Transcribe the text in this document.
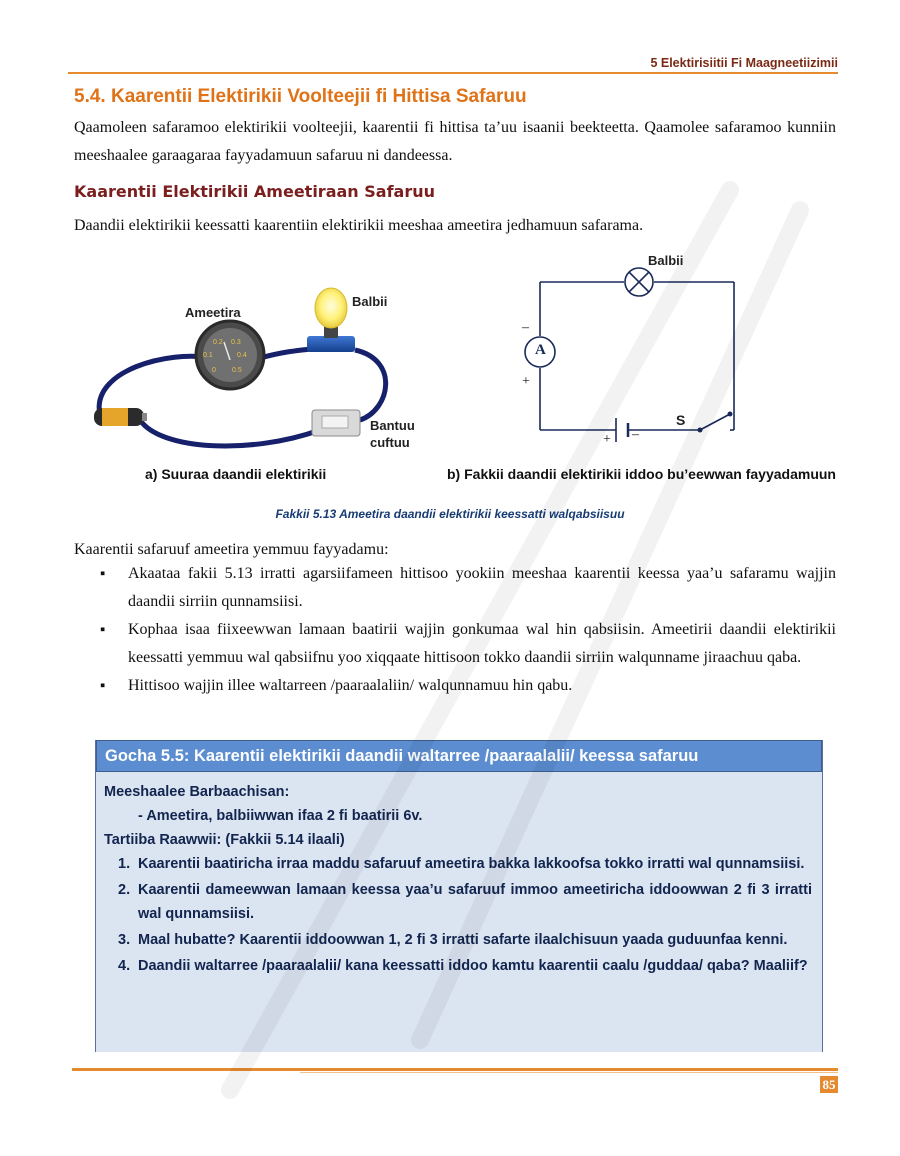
5 Elektirisiitii Fi Maagneetiizimii
5.4. Kaarentii Elektirikii Voolteejii fi Hittisa Safaruu

Qaamoleen safaramoo elektirikii voolteejii, kaarentii fi hittisa ta’uu isaanii beekteetta. Qaamolee safaramoo kunniin meeshaalee garaagaraa fayyadamuun safaruu ni dandeessa.

Kaarentii Elektirikii Ameetiraan Safaruu

Daandii elektirikii keessatti kaarentiin elektirikii meeshaa ameetira jedhamuun safarama.

0.2 0.3
0.1	0.4
0 0.5
Ameetira
Balbii
Bantuu
cuftuu
Balbii
A
–
+
+ –
S
a) Suuraa daandii elektirikii	b) Fakkii daandii elektirikii iddoo bu’eewwan fayyadamuun
Fakkii 5.13 Ameetira daandii elektirikii keessatti walqabsiisuu

Kaarentii safaruuf ameetira yemmuu fayyadamu:

▪ Akaataa fakii 5.13 irratti agarsiifameen hittisoo yookiin meeshaa kaarentii keessa yaa’u safaramu wajjin daandii sirriin qunnamsiisi.
▪ Kophaa isaa fiixeewwan lamaan baatirii wajjin gonkumaa wal hin qabsiisin. Ameetirii daandii elektirikii keessatti yemmuu wal qabsiifnu yoo xiqqaate hittisoon tokko daandii sirriin walqunname jiraachuu qaba.
▪ Hittisoo wajjin illee waltarreen /paaraalaliin/ walqunnamuu hin qabu.
Gocha 5.5: Kaarentii elektirikii daandii waltarree /paaraalalii/ keessa safaruu

Meeshaalee Barbaachisan:

- Ameetira, balbiiwwan ifaa 2 fi baatirii 6v.

Tartiiba Raawwii: (Fakkii 5.14 ilaali)

1. Kaarentii baatiricha irraa maddu safaruuf ameetira bakka lakkoofsa tokko irratti wal qunnamsiisi.
2. Kaarentii dameewwan lamaan keessa yaa’u safaruuf immoo ameetiricha iddoowwan 2 fi 3 irratti wal qunnamsiisi.
3. Maal hubatte? Kaarentii iddoowwan 1, 2 fi 3 irratti safarte ilaalchisuun yaada guduunfaa kenni.
4. Daandii waltarree /paaraalalii/ kana keessatti iddoo kamtu kaarentii caalu /guddaa/ qaba? Maaliif?
85
